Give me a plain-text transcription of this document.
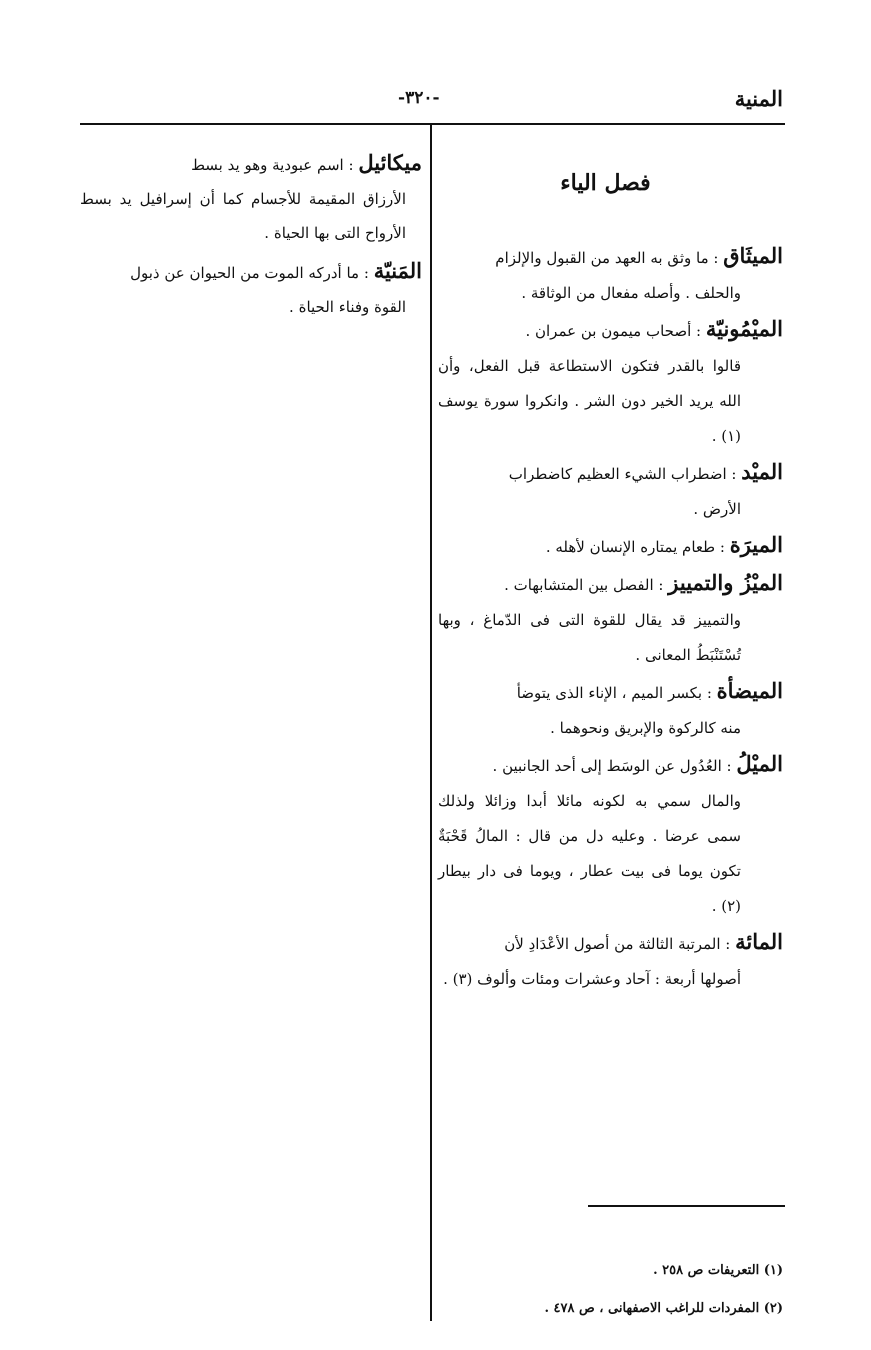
المنية
-٣٢٠-
فصل الياء
الميثَاق : ما وثق به العهد من القبول والإلزام
والحلف . وأصله مفعال من الوثاقة .
الميْمُونيّة : أصحاب ميمون بن عمران .
قالوا بالقدر فتكون الاستطاعة قبل الفعل، وأن الله يريد الخير دون الشر . وانكروا سورة يوسف (١) .
الميْد : اضطراب الشيء العظيم كاضطراب
الأرض .
الميرَة : طعام يمتاره الإنسان لأهله .
الميْزُ والتمييز : الفصل بين المتشابهات .
والتمييز قد يقال للقوة التى فى الدّماغ ، وبها تُسْتَنْبَطُ المعانى .
الميضأة : بكسر الميم ، الإناء الذى يتوضأ
منه كالركوة والإبريق ونحوهما .
الميْلُ : العُدُول عن الوسَط إلى أحد الجانبين .
والمال سمي به لكونه مائلا أبدا وزائلا ولذلك سمى عرضا . وعليه دل من قال : المالُ قَحْبَةٌ تكون يوما فى بيت عطار ، ويوما فى دار بيطار (٢) .
المائة : المرتبة الثالثة من أصول الأعْدَادِ لأن
أصولها أربعة : آحاد وعشرات ومئات وألوف (٣) .
ميكائيل : اسم عبودية وهو يد بسط
الأرزاق المقيمة للأجسام كما أن إسرافيل يد بسط الأرواح التى بها الحياة .
المَنيّة : ما أدركه الموت من الحيوان عن ذبول
القوة وفناء الحياة .
(١) التعريفات ص ٢٥٨ .
(٢) المفردات للراغب الاصفهانى ، ص ٤٧٨ .
